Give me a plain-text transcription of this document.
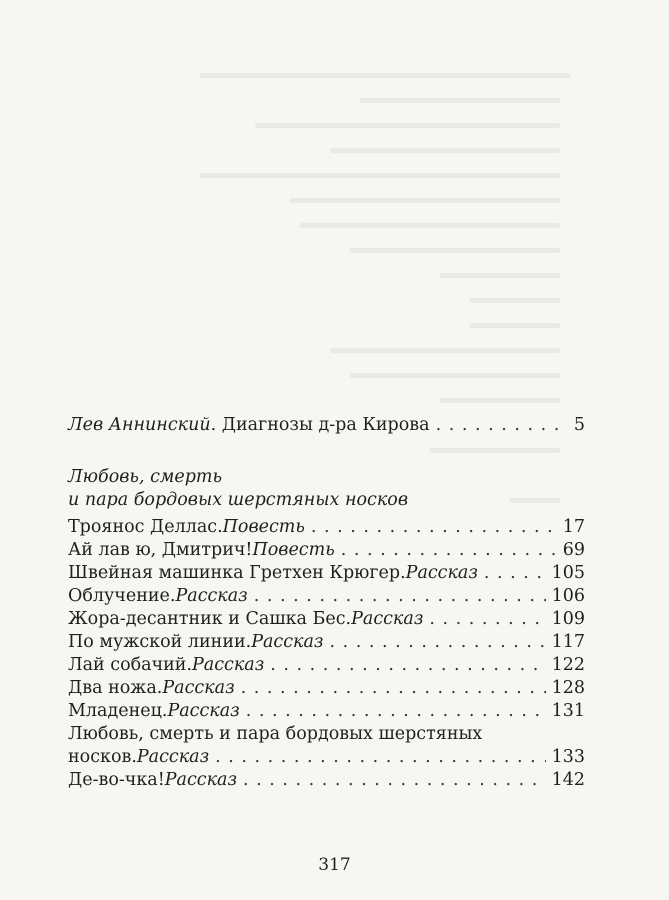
Лев Аннинский . Диагнозы д-ра Кирова . . .	5
Любовь, смерть
и пара бордовых шерстяных носков
Троянос Деллас. Повесть . . .	17
Ай лав ю, Дмитрич! Повесть . . .	69
Швейная машинка Гретхен Крюгер. Рассказ . . .	105
Облучение. Рассказ . . .	106
Жора-десантник и Сашка Бес. Рассказ . . .	109
По мужской линии. Рассказ . . .	117
Лай собачий. Рассказ . . .	122
Два ножа. Рассказ . . .	128
Младенец. Рассказ . . .	131
Любовь, смерть и пара бордовых шерстяных
носков. Рассказ . . .	133
Де-во-чка! Рассказ . . .	142
317
